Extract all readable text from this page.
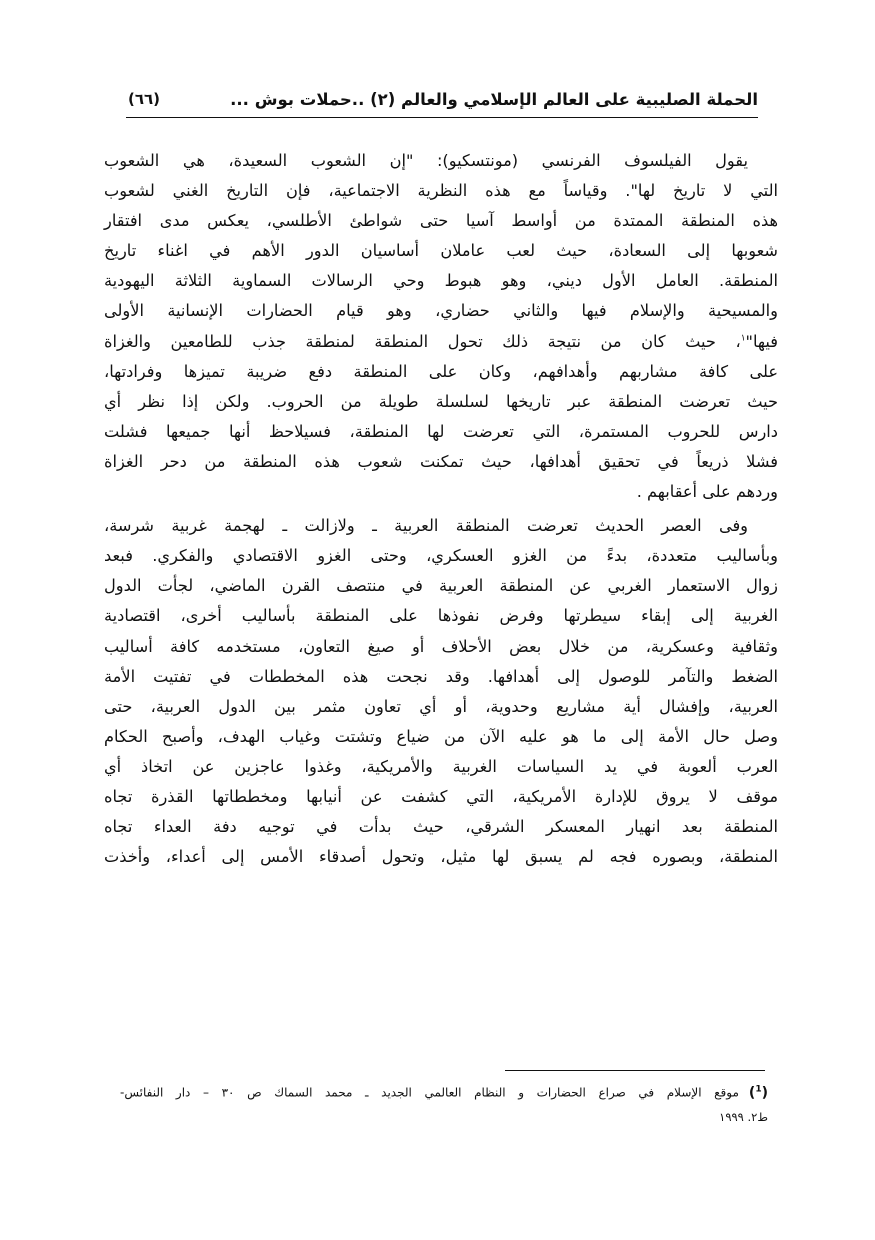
الحملة الصليبية على العالم الإسلامي والعالم (٢) ..حملات بوش ...
(٦٦)
يقول الفيلسوف الفرنسي (مونتسكيو): "إن الشعوب السعيدة، هي الشعوب
التي لا تاريخ لها". وقياساً مع هذه النظرية الاجتماعية، فإن التاريخ الغني لشعوب
هذه المنطقة الممتدة من أواسط آسيا حتى شواطئ الأطلسي، يعكس مدى افتقار
شعوبها إلى السعادة، حيث لعب عاملان أساسيان الدور الأهم في اغناء تاريخ
المنطقة. العامل الأول ديني، وهو هبوط وحي الرسالات السماوية الثلاثة اليهودية
والمسيحية والإسلام فيها والثاني حضاري، وهو قيام الحضارات الإنسانية الأولى
فيها"$^١$، حيث كان من نتيجة ذلك تحول المنطقة لمنطقة جذب للطامعين والغزاة
على كافة مشاربهم وأهدافهم، وكان على المنطقة دفع ضريبة تميزها وفرادتها،
حيث تعرضت المنطقة عبر تاريخها لسلسلة طويلة من الحروب. ولكن إذا نظر أي
دارس للحروب المستمرة، التي تعرضت لها المنطقة، فسيلاحظ أنها جميعها فشلت
فشلا ذريعاً في تحقيق أهدافها، حيث تمكنت شعوب هذه المنطقة من دحر الغزاة
وردهم على أعقابهم .
وفى العصر الحديث تعرضت المنطقة العربية ـ ولازالت ـ لهجمة غربية شرسة،
وبأساليب متعددة، بدءً من الغزو العسكري، وحتى الغزو الاقتصادي والفكري. فبعد
زوال الاستعمار الغربي عن المنطقة العربية في منتصف القرن الماضي، لجأت الدول
الغربية إلى إبقاء سيطرتها وفرض نفوذها على المنطقة بأساليب أخرى، اقتصادية
وثقافية وعسكرية، من خلال بعض الأحلاف أو صيغ التعاون، مستخدمه كافة أساليب
الضغط والتآمر للوصول إلى أهدافها. وقد نجحت هذه المخططات في تفتيت الأمة
العربية، وإفشال أية مشاريع وحدوية، أو أي تعاون مثمر بين الدول العربية، حتى
وصل حال الأمة إلى ما هو عليه الآن من ضياع وتشتت وغياب الهدف، وأصبح الحكام
العرب ألعوبة في يد السياسات الغربية والأمريكية، وغذوا عاجزين عن اتخاذ أي
موقف لا يروق للإدارة الأمريكية، التي كشفت عن أنيابها ومخططاتها القذرة تجاه
المنطقة بعد انهيار المعسكر الشرقي، حيث بدأت في توجيه دفة العداء تجاه
المنطقة، وبصوره فجه لم يسبق لها مثيل، وتحول أصدقاء الأمس إلى أعداء، وأخذت
($^1$)موقع الإسلام في صراع الحضارات و النظام العالمي الجديد ـ محمد السماك ص ٣٠ – دار النفائس-
ط٢. ١٩٩٩
